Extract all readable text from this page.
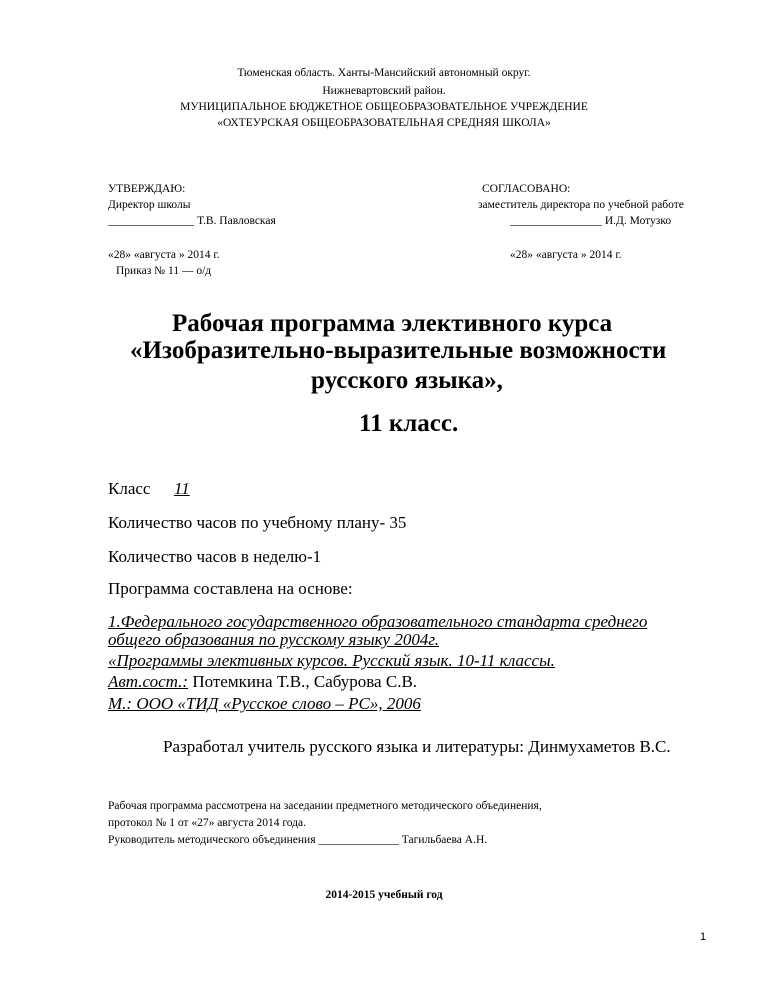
Тюменская область. Ханты-Мансийский автономный округ.
Нижневартовский район.
МУНИЦИПАЛЬНОЕ БЮДЖЕТНОЕ ОБЩЕОБРАЗОВАТЕЛЬНОЕ УЧРЕЖДЕНИЕ
«ОХТЕУРСКАЯ ОБЩЕОБРАЗОВАТЕЛЬНАЯ СРЕДНЯЯ ШКОЛА»
УТВЕРЖДАЮ:
Директор школы
_______________ Т.В. Павловская
«28» «августа » 2014 г.
Приказ № 11 — о/д
СОГЛАСОВАНО:
заместитель директора по учебной работе
________________ И.Д. Мотузко
«28» «августа » 2014 г.
Рабочая программа элективного курса
«Изобразительно-выразительные возможности
русского языка»,
11 класс.
Класс 11
Количество часов по учебному плану- 35
Количество часов в неделю-1
Программа составлена на основе:
1.Федерального государственного образовательного стандарта среднего
общего образования по русскому языку 2004г.
«Программы элективных курсов. Русский язык. 10-11 классы.
Авт.сост.: Потемкина Т.В., Сабурова С.В.
М.: ООО «ТИД «Русское слово – РС», 2006
Разработал учитель русского языка и литературы: Динмухаметов В.С.
Рабочая программа рассмотрена на заседании предметного методического объединения,
протокол № 1 от «27» августа 2014 года.
Руководитель методического объединения ______________ Тагильбаева А.Н.
2014-2015 учебный год
1
